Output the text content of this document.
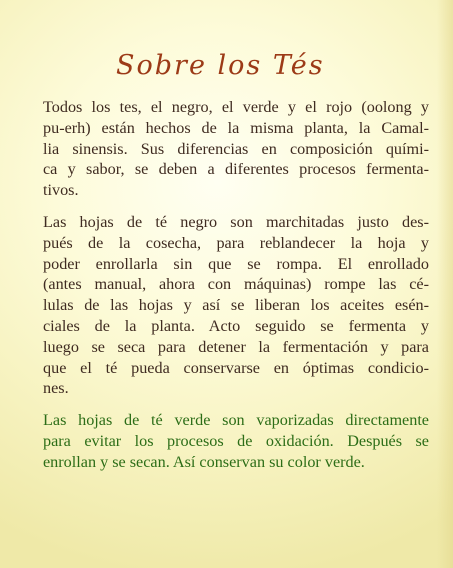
Sobre los Tés

Todos los tes, el negro, el verde y el rojo (oolong y
pu-erh) están hechos de la misma planta, la Camal-
lia sinensis. Sus diferencias en composición quími-
ca y sabor, se deben a diferentes procesos fermenta-
tivos.

Las hojas de té negro son marchitadas justo des-
pués de la cosecha, para reblandecer la hoja y
poder enrollarla sin que se rompa. El enrollado
(antes manual, ahora con máquinas) rompe las cé-
lulas de las hojas y así se liberan los aceites esén-
ciales de la planta. Acto seguido se fermenta y
luego se seca para detener la fermentación y para
que el té pueda conservarse en óptimas condicio-
nes.

Las hojas de té verde son vaporizadas directamente
para evitar los procesos de oxidación. Después se
enrollan y se secan. Así conservan su color verde.
